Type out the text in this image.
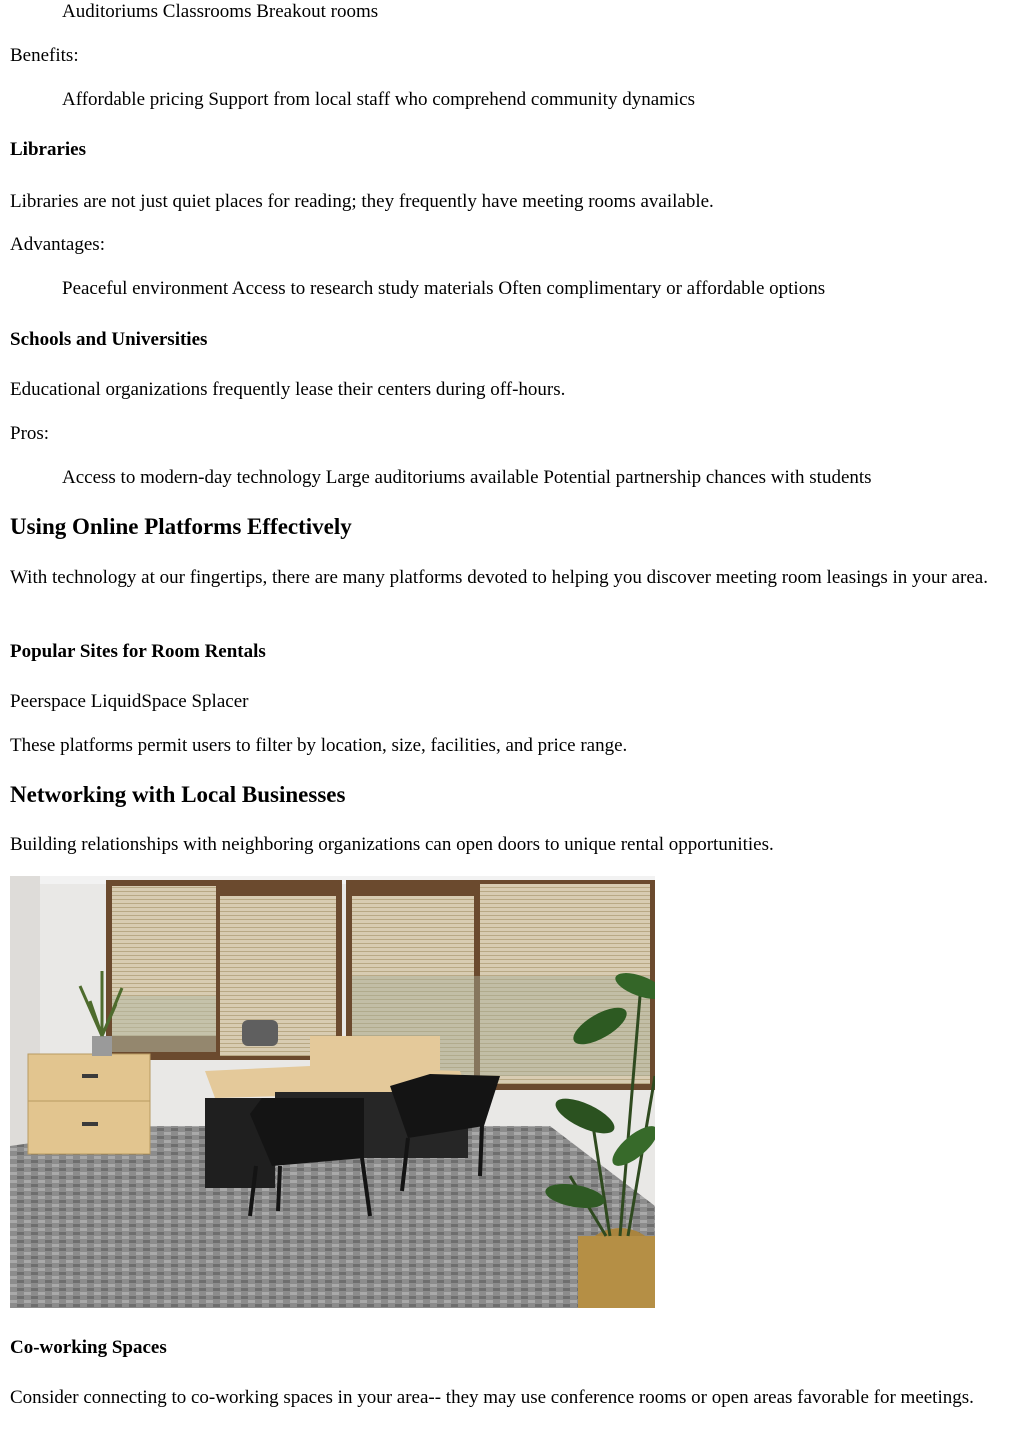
Auditoriums Classrooms Breakout rooms
Benefits:
Affordable pricing Support from local staff who comprehend community dynamics
Libraries
Libraries are not just quiet places for reading; they frequently have meeting rooms available.
Advantages:
Peaceful environment Access to research study materials Often complimentary or affordable options
Schools and Universities
Educational organizations frequently lease their centers during off-hours.
Pros:
Access to modern-day technology Large auditoriums available Potential partnership chances with students
Using Online Platforms Effectively
With technology at our fingertips, there are many platforms devoted to helping you discover meeting room leasings in your area.
Popular Sites for Room Rentals
Peerspace LiquidSpace Splacer
These platforms permit users to filter by location, size, facilities, and price range.
Networking with Local Businesses
Building relationships with neighboring organizations can open doors to unique rental opportunities.
Co-working Spaces
Consider connecting to co-working spaces in your area-- they may use conference rooms or open areas favorable for meetings.
